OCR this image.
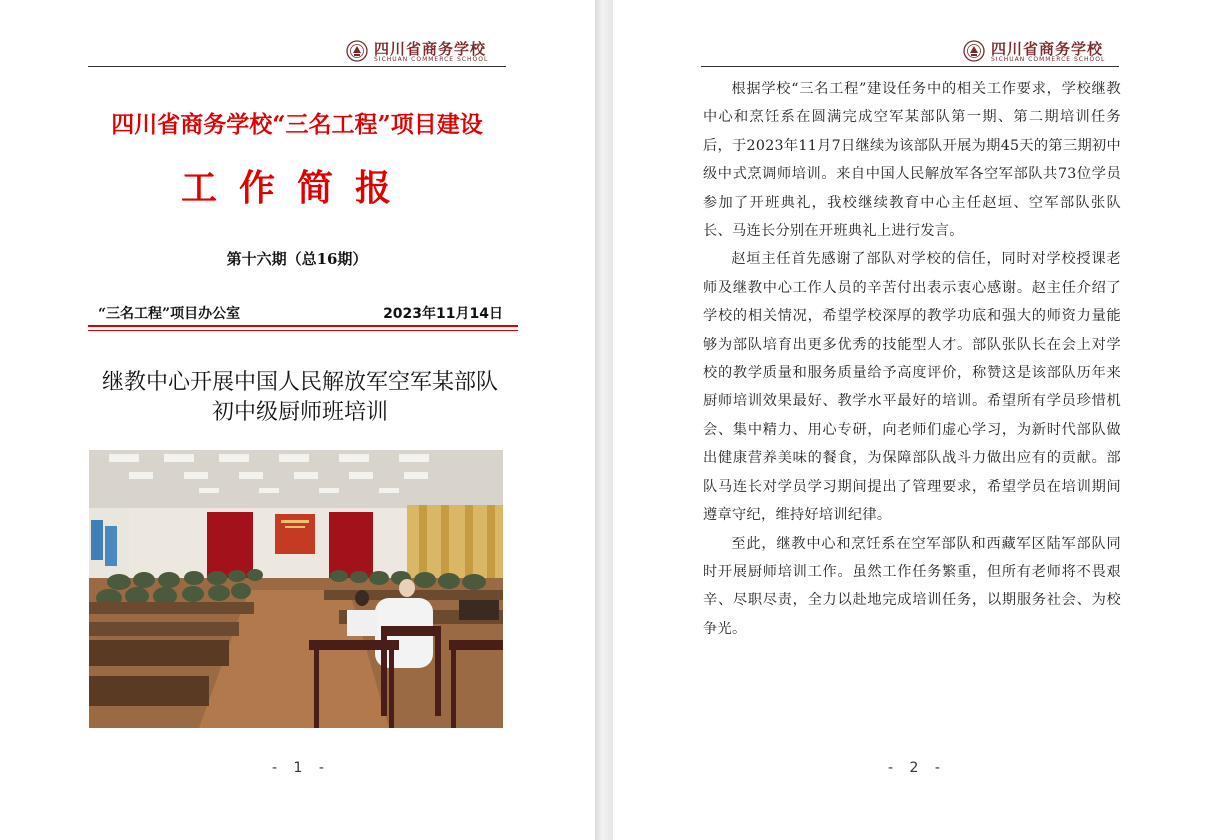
四川省商务学校
SICHUAN COMMERCE SCHOOL
四川省商务学校“三名工程”项目建设
工作简报
第十六期（总16期）
“三名工程”项目办公室	2023年11月14日
继教中心开展中国人民解放军空军某部队
初中级厨师班培训
- 1 -
四川省商务学校
SICHUAN COMMERCE SCHOOL

根据学校“三名工程”建设任务中的相关工作要求，学校继教中心和烹饪系在圆满完成空军某部队第一期、第二期培训任务后，于2023年11月7日继续为该部队开展为期45天的第三期初中级中式烹调师培训。来自中国人民解放军各空军部队共73位学员参加了开班典礼，我校继续教育中心主任赵垣、空军部队张队长、马连长分别在开班典礼上进行发言。

赵垣主任首先感谢了部队对学校的信任，同时对学校授课老师及继教中心工作人员的辛苦付出表示衷心感谢。赵主任介绍了学校的相关情况，希望学校深厚的教学功底和强大的师资力量能够为部队培育出更多优秀的技能型人才。部队张队长在会上对学校的教学质量和服务质量给予高度评价，称赞这是该部队历年来厨师培训效果最好、教学水平最好的培训。希望所有学员珍惜机会、集中精力、用心专研，向老师们虚心学习，为新时代部队做出健康营养美味的餐食，为保障部队战斗力做出应有的贡献。部队马连长对学员学习期间提出了管理要求，希望学员在培训期间遵章守纪，维持好培训纪律。

至此，继教中心和烹饪系在空军部队和西藏军区陆军部队同时开展厨师培训工作。虽然工作任务繁重，但所有老师将不畏艰辛、尽职尽责，全力以赴地完成培训任务，以期服务社会、为校争光。

- 2 -
